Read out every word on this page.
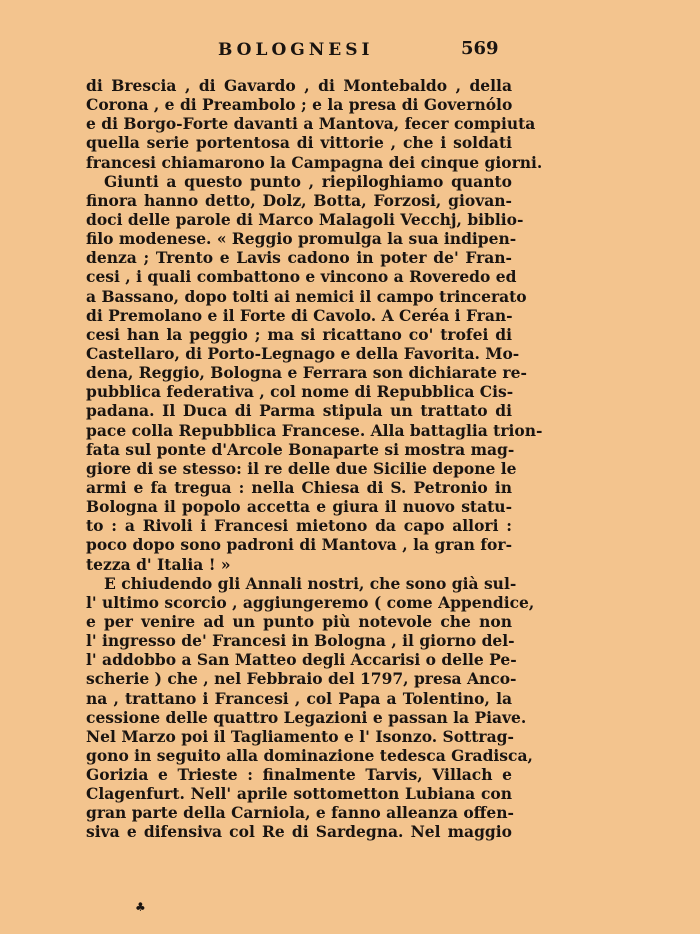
BOLOGNESI	569
di Brescia , di Gavardo , di Montebaldo , della
Corona , e di Preambolo ; e la presa di Governólo
e di Borgo-Forte davanti a Mantova, fecer compiuta
quella serie portentosa di vittorie , che i soldati
francesi chiamarono la Campagna dei cinque giorni.
Giunti a questo punto , riepiloghiamo quanto
finora hanno detto, Dolz, Botta, Forzosi, giovan-
doci delle parole di Marco Malagoli Vecchj, biblio-
filo modenese. « Reggio promulga la sua indipen-
denza ; Trento e Lavis cadono in poter de' Fran-
cesi , i quali combattono e vincono a Roveredo ed
a Bassano, dopo tolti ai nemici il campo trincerato
di Premolano e il Forte di Cavolo. A Ceréa i Fran-
cesi han la peggio ; ma si ricattano co' trofei di
Castellaro, di Porto-Legnago e della Favorita. Mo-
dena, Reggio, Bologna e Ferrara son dichiarate re-
pubblica federativa , col nome di Repubblica Cis-
padana. Il Duca di Parma stipula un trattato di
pace colla Repubblica Francese. Alla battaglia trion-
fata sul ponte d'Arcole Bonaparte si mostra mag-
giore di se stesso: il re delle due Sicilie depone le
armi e fa tregua : nella Chiesa di S. Petronio in
Bologna il popolo accetta e giura il nuovo statu-
to : a Rivoli i Francesi mietono da capo allori :
poco dopo sono padroni di Mantova , la gran for-
tezza d' Italia ! »
E chiudendo gli Annali nostri, che sono già sul-
l' ultimo scorcio , aggiungeremo ( come Appendice,
e per venire ad un punto più notevole che non
l' ingresso de' Francesi in Bologna , il giorno del-
l' addobbo a San Matteo degli Accarisi o delle Pe-
scherie ) che , nel Febbraio del 1797, presa Anco-
na , trattano i Francesi , col Papa a Tolentino, la
cessione delle quattro Legazioni e passan la Piave.
Nel Marzo poi il Tagliamento e l' Isonzo. Sottrag-
gono in seguito alla dominazione tedesca Gradisca,
Gorizia e Trieste : finalmente Tarvis, Villach e
Clagenfurt. Nell' aprile sottometton Lubiana con
gran parte della Carniola, e fanno alleanza offen-
siva e difensiva col Re di Sardegna. Nel maggio
♣
